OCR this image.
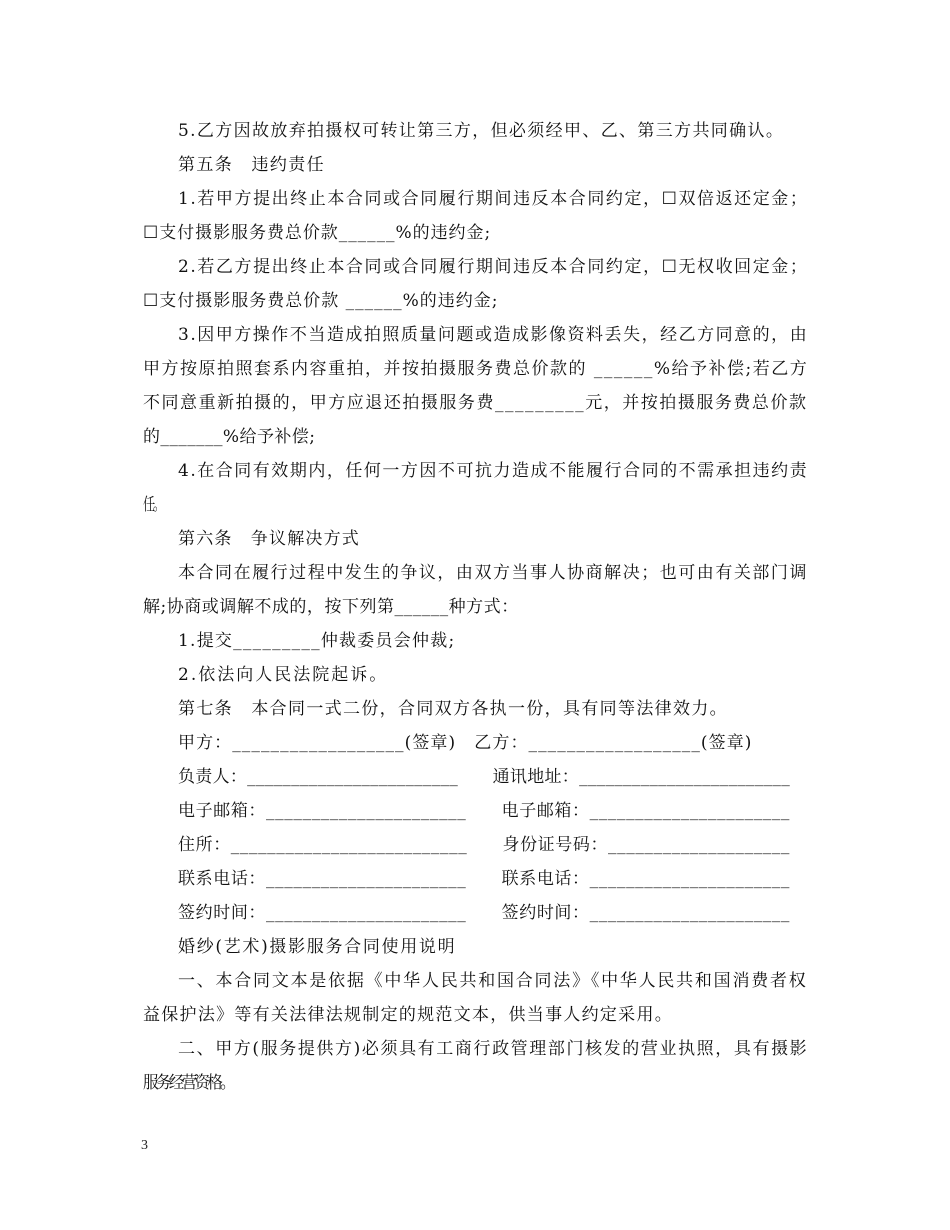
5.乙方因故放弃拍摄权可转让第三方，但必须经甲、乙、第三方共同确认。
第五条　违约责任
1.若甲方提出终止本合同或合同履行期间违反本合同约定，☐双倍返还定金；
☐支付摄影服务费总价款______%的违约金;
2.若乙方提出终止本合同或合同履行期间违反本合同约定，☐无权收回定金；
☐支付摄影服务费总价款 ______%的违约金;
3.因甲方操作不当造成拍照质量问题或造成影像资料丢失，经乙方同意的，由
甲方按原拍照套系内容重拍，并按拍摄服务费总价款的 ______%给予补偿;若乙方
不同意重新拍摄的，甲方应退还拍摄服务费_________元，并按拍摄服务费总价款
的_______%给予补偿;
4.在合同有效期内，任何一方因不可抗力造成不能履行合同的不需承担违约责
任。
第六条　争议解决方式
本合同在履行过程中发生的争议，由双方当事人协商解决；也可由有关部门调
解;协商或调解不成的，按下列第______种方式：
1.提交_________仲裁委员会仲裁;
2.依法向人民法院起诉。
第七条　本合同一式二份，合同双方各执一份，具有同等法律效力。
甲方：__________________(签章)　乙方：__________________(签章)
负责人：________________________　　通讯地址：________________________
电子邮箱：______________________　　电子邮箱：______________________
住所：__________________________　　身份证号码：____________________
联系电话：______________________　　联系电话：______________________
签约时间：______________________　　签约时间：______________________
婚纱(艺术)摄影服务合同使用说明
一、本合同文本是依据《中华人民共和国合同法》《中华人民共和国消费者权
益保护法》等有关法律法规制定的规范文本，供当事人约定采用。
二、甲方(服务提供方)必须具有工商行政管理部门核发的营业执照，具有摄影
服务经营资格。
3
